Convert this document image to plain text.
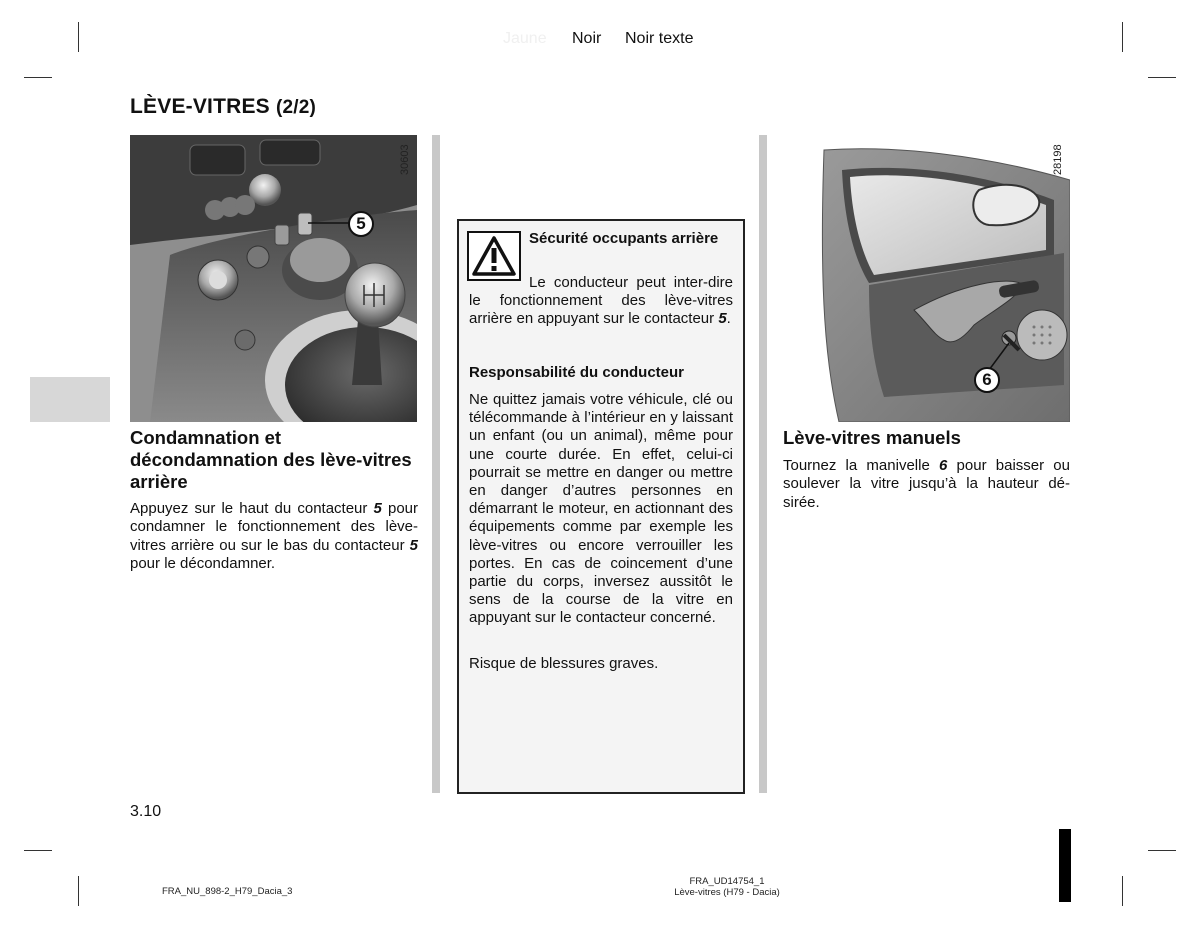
Jaune Noir Noir texte
LÈVE-VITRES (2/2)
5
30603
Condamnation et décondamnation des lève-vitres arrière
Appuyez sur le haut du contacteur 5 pour condamner le fonctionnement des lève-vitres arrière ou sur le bas du contacteur 5 pour le décondamner.
Sécurité occupants arrière
Le conducteur peut inter-dire le fonctionnement des lève-vitres arrière en appuyant sur le contacteur 5.
Responsabilité du conducteur
Ne quittez jamais votre véhicule, clé ou télécommande à l’intérieur en y laissant un enfant (ou un animal), même pour une courte durée. En effet, celui-ci pourrait se mettre en danger ou mettre en danger d’autres personnes en démarrant le moteur, en actionnant des équipements comme par exemple les lève-vitres ou encore verrouiller les portes. En cas de coincement d’une partie du corps, inversez aussitôt le sens de la course de la vitre en appuyant sur le contacteur concerné.
Risque de blessures graves.
6
28198
Lève-vitres manuels
Tournez la manivelle 6 pour baisser ou soulever la vitre jusqu’à la hauteur dé-sirée.
3.10
FRA_NU_898-2_H79_Dacia_3
FRA_UD14754_1
Lève-vitres (H79 - Dacia)
